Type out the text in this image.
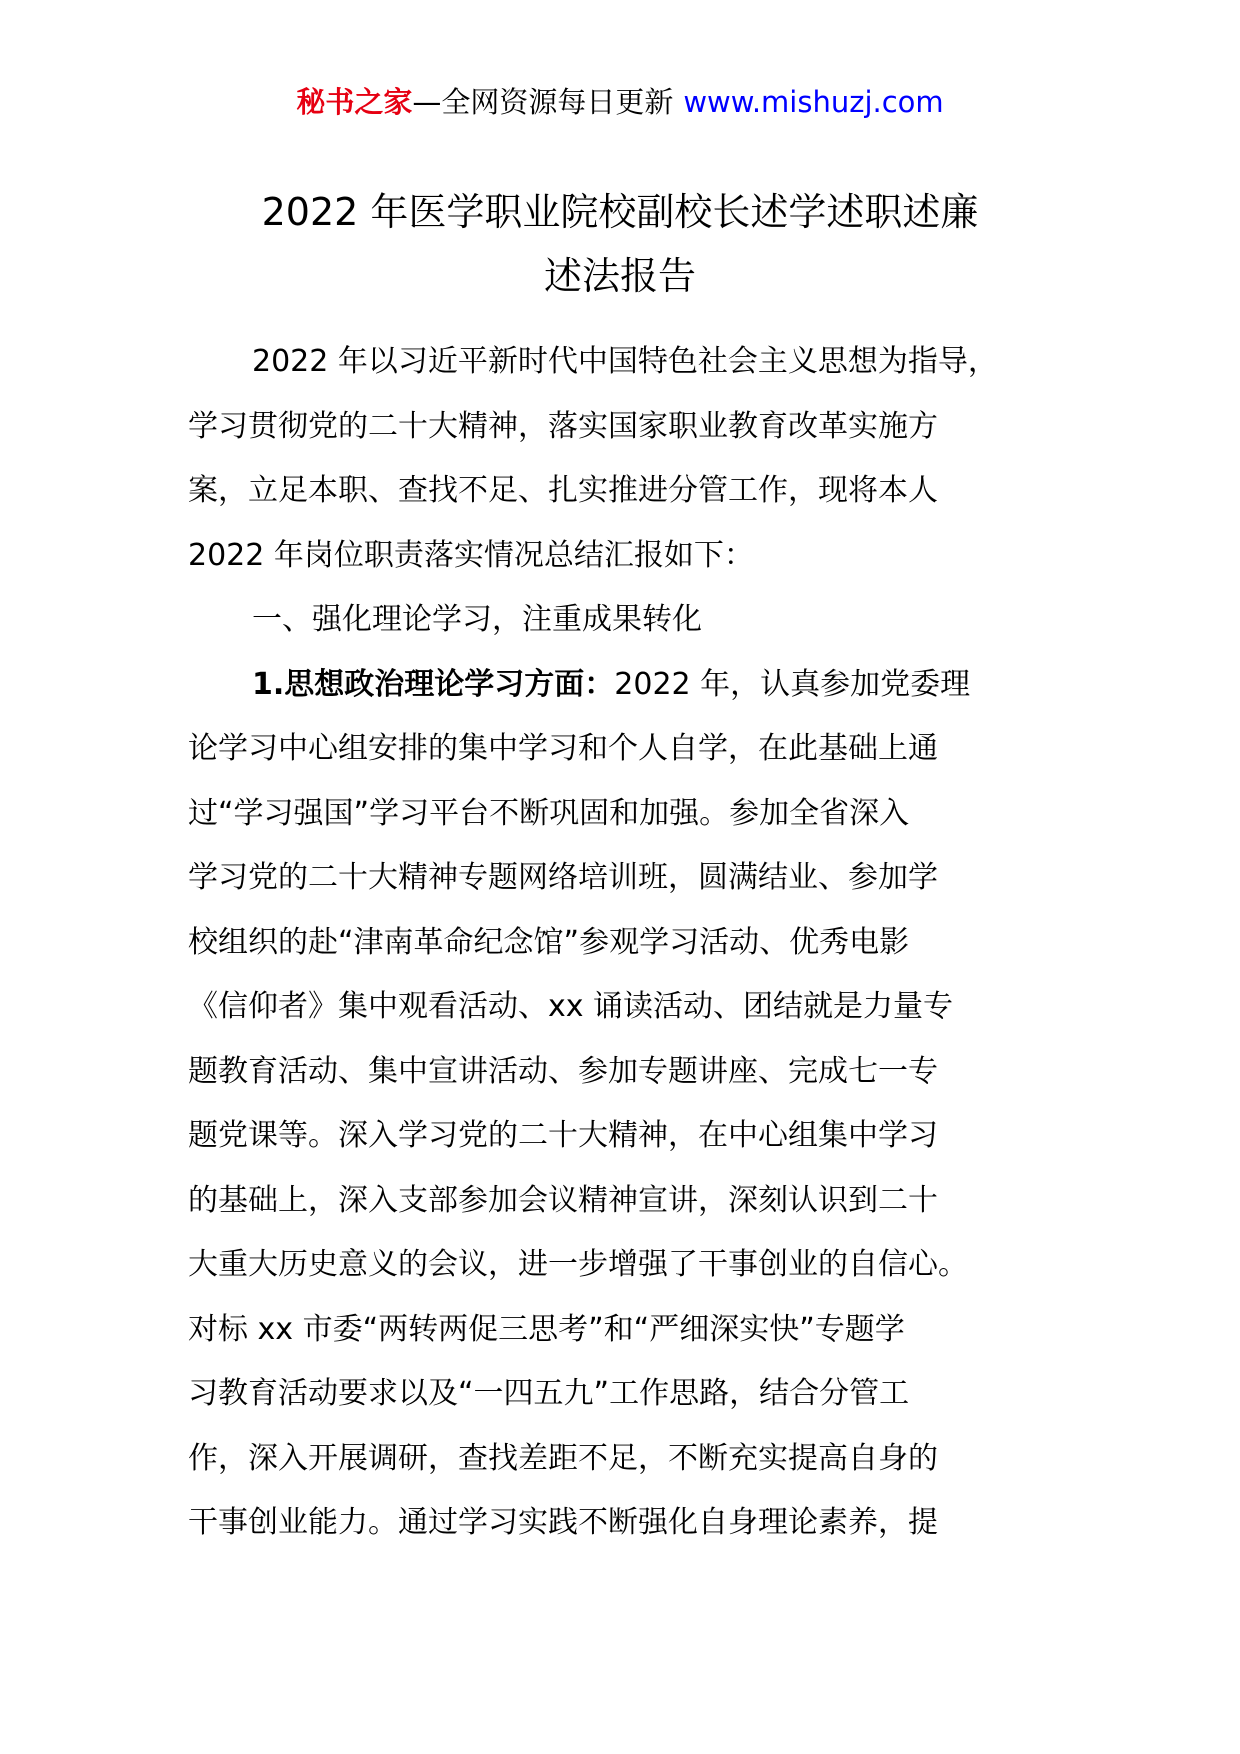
秘书之家—全网资源每日更新 www.mishuzj.com
2022 年医学职业院校副校长述学述职述廉
述法报告
2022 年以习近平新时代中国特色社会主义思想为指导，
学习贯彻党的二十大精神，落实国家职业教育改革实施方
案，立足本职、查找不足、扎实推进分管工作，现将本人
2022 年岗位职责落实情况总结汇报如下：
一、强化理论学习，注重成果转化
1.思想政治理论学习方面：2022 年，认真参加党委理
论学习中心组安排的集中学习和个人自学，在此基础上通
过“学习强国”学习平台不断巩固和加强。参加全省深入
学习党的二十大精神专题网络培训班，圆满结业、参加学
校组织的赴“津南革命纪念馆”参观学习活动、优秀电影
《信仰者》集中观看活动、xx 诵读活动、团结就是力量专
题教育活动、集中宣讲活动、参加专题讲座、完成七一专
题党课等。深入学习党的二十大精神，在中心组集中学习
的基础上，深入支部参加会议精神宣讲，深刻认识到二十
大重大历史意义的会议，进一步增强了干事创业的自信心。
对标 xx 市委“两转两促三思考”和“严细深实快”专题学
习教育活动要求以及“一四五九”工作思路，结合分管工
作，深入开展调研，查找差距不足，不断充实提高自身的
干事创业能力。通过学习实践不断强化自身理论素养，提
